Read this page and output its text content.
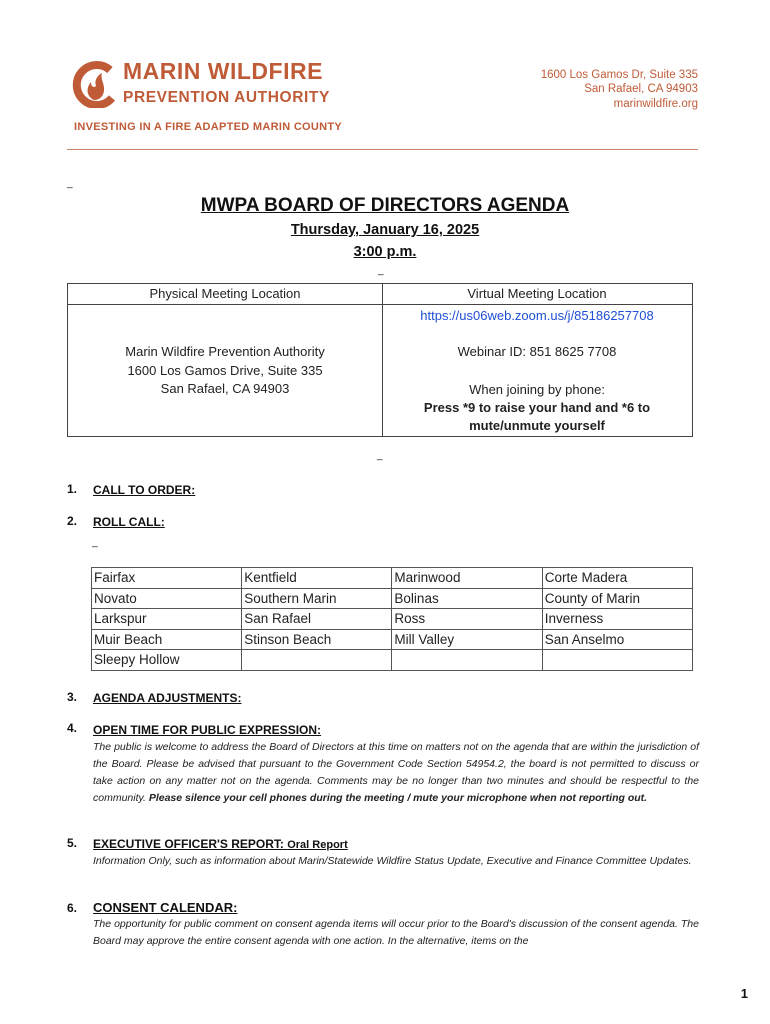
MARIN WILDFIRE
PREVENTION AUTHORITY
INVESTING IN A FIRE ADAPTED MARIN COUNTY
1600 Los Gamos Dr, Suite 335
San Rafael, CA 94903
marinwildfire.org
_
MWPA BOARD OF DIRECTORS AGENDA
Thursday, January 16, 2025
3:00 p.m.
_
Physical Meeting Location	Virtual Meeting Location
Marin Wildfire Prevention Authority
1600 Los Gamos Drive, Suite 335
San Rafael, CA 94903
https://us06web.zoom.us/j/85186257708
Webinar ID: 851 8625 7708
When joining by phone:
Press *9 to raise your hand and *6 to
mute/unmute yourself
_
1. CALL TO ORDER:
2. ROLL CALL:
_
Fairfax	Kentfield	Marinwood	Corte Madera
Novato	Southern Marin	Bolinas	County of Marin
Larkspur	San Rafael	Ross	Inverness
Muir Beach	Stinson Beach	Mill Valley	San Anselmo
Sleepy Hollow			
3. AGENDA ADJUSTMENTS:
4. OPEN TIME FOR PUBLIC EXPRESSION:
The public is welcome to address the Board of Directors at this time on matters not on the agenda that are within the jurisdiction of the Board. Please be advised that pursuant to the Government Code Section 54954.2, the board is not permitted to discuss or take action on any matter not on the agenda. Comments may be no longer than two minutes and should be respectful to the community. Please silence your cell phones during the meeting / mute your microphone when not reporting out.
5. EXECUTIVE OFFICER'S REPORT: Oral Report
Information Only, such as information about Marin/Statewide Wildfire Status Update, Executive and Finance Committee Updates.
6. CONSENT CALENDAR:
The opportunity for public comment on consent agenda items will occur prior to the Board's discussion of the consent agenda. The Board may approve the entire consent agenda with one action. In the alternative, items on the
1
